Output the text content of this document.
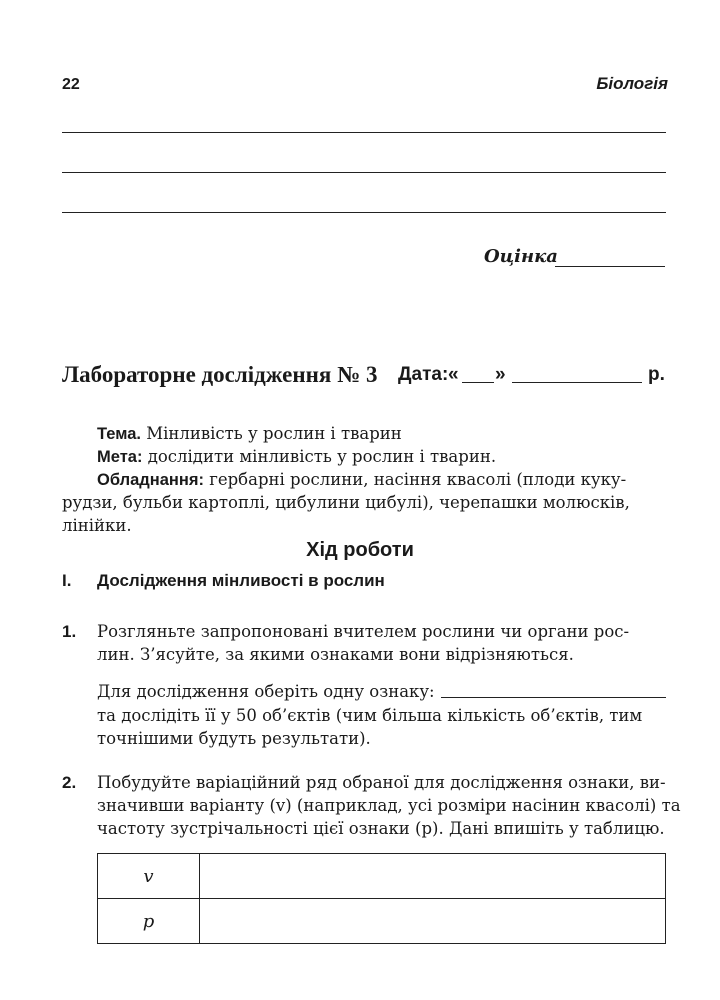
22	Біологія
Оцінка
Лабораторне дослідження № 3 Дата: « »	р.
Тема. Мінливість у рослин і тварин
Мета: дослідити мінливість у рослин і тварин.
Обладнання: гербарні рослини, насіння квасолі (плоди куку-
рудзи, бульби картоплі, цибулини цибулі), черепашки молюсків,
лінійки.
Хід роботи
I. Дослідження мінливості в рослин
1. Розгляньте запропоновані вчителем рослини чи органи рос-
лин. З’ясуйте, за якими ознаками вони відрізняються.
Для дослідження оберіть одну ознаку:
та дослідіть її у 50 об’єктів (чим більша кількість об’єктів, тим
точнішими будуть результати).
2. Побудуйте варіаційний ряд обраної для дослідження ознаки, ви-
значивши варіанту (v) (наприклад, усі розміри насінин квасолі) та
частоту зустрічальності цієї ознаки (p). Дані впишіть у таблицю.
v	
p	
